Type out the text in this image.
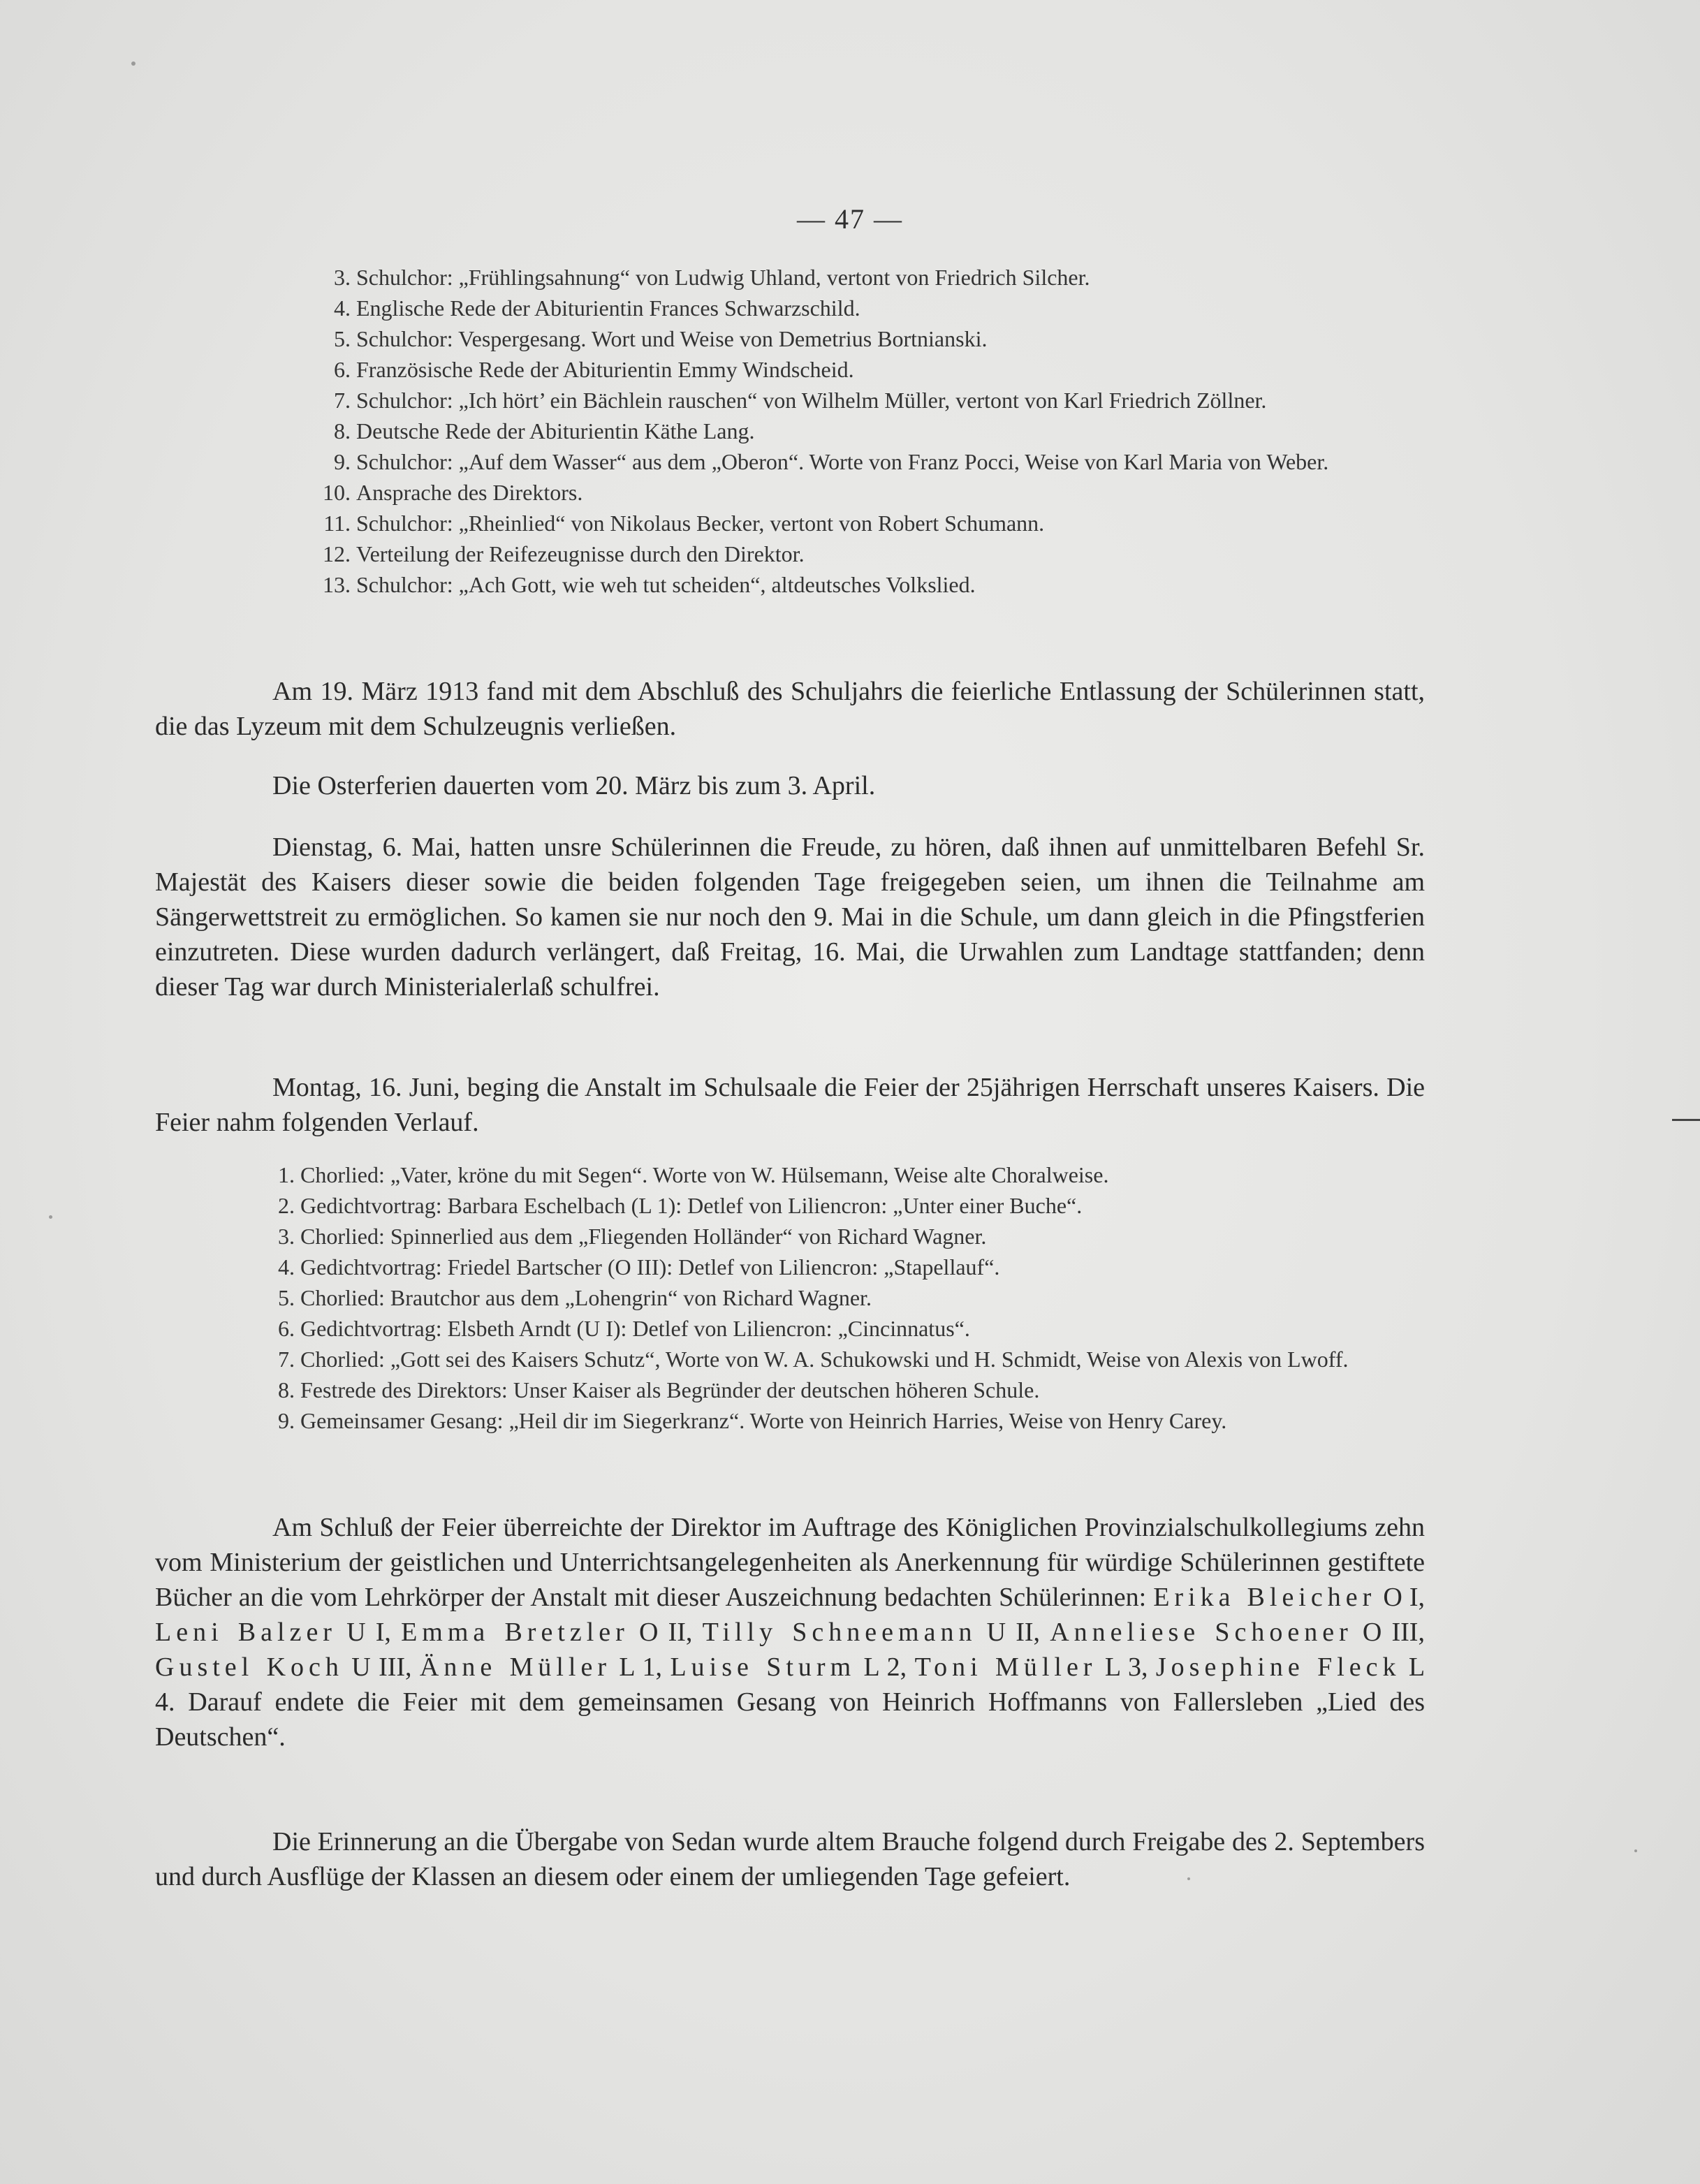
— 47 —
3. Schulchor: „Frühlingsahnung“ von Ludwig Uhland, vertont von Friedrich Silcher.
4. Englische Rede der Abiturientin Frances Schwarzschild.
5. Schulchor: Vespergesang. Wort und Weise von Demetrius Bortnianski.
6. Französische Rede der Abiturientin Emmy Windscheid.
7. Schulchor: „Ich hört’ ein Bächlein rauschen“ von Wilhelm Müller, vertont von Karl Friedrich Zöllner.
8. Deutsche Rede der Abiturientin Käthe Lang.
9. Schulchor: „Auf dem Wasser“ aus dem „Oberon“. Worte von Franz Pocci, Weise von Karl Maria von Weber.
10. Ansprache des Direktors.
11. Schulchor: „Rheinlied“ von Nikolaus Becker, vertont von Robert Schumann.
12. Verteilung der Reifezeugnisse durch den Direktor.
13. Schulchor: „Ach Gott, wie weh tut scheiden“, altdeutsches Volkslied.

Am 19. März 1913 fand mit dem Abschluß des Schuljahrs die feierliche Entlassung der Schülerinnen statt, die das Lyzeum mit dem Schulzeugnis verließen.

Die Osterferien dauerten vom 20. März bis zum 3. April.

Dienstag, 6. Mai, hatten unsre Schülerinnen die Freude, zu hören, daß ihnen auf unmittelbaren Befehl Sr. Majestät des Kaisers dieser sowie die beiden folgenden Tage freigegeben seien, um ihnen die Teilnahme am Sängerwettstreit zu ermöglichen. So kamen sie nur noch den 9. Mai in die Schule, um dann gleich in die Pfingstferien einzutreten. Diese wurden dadurch verlängert, daß Freitag, 16. Mai, die Urwahlen zum Landtage stattfanden; denn dieser Tag war durch Ministerialerlaß schulfrei.

Montag, 16. Juni, beging die Anstalt im Schulsaale die Feier der 25jährigen Herrschaft unseres Kaisers. Die Feier nahm folgenden Verlauf.

1. Chorlied: „Vater, kröne du mit Segen“. Worte von W. Hülsemann, Weise alte Choralweise.
2. Gedichtvortrag: Barbara Eschelbach (L 1): Detlef von Liliencron: „Unter einer Buche“.
3. Chorlied: Spinnerlied aus dem „Fliegenden Holländer“ von Richard Wagner.
4. Gedichtvortrag: Friedel Bartscher (O III): Detlef von Liliencron: „Stapellauf“.
5. Chorlied: Brautchor aus dem „Lohengrin“ von Richard Wagner.
6. Gedichtvortrag: Elsbeth Arndt (U I): Detlef von Liliencron: „Cincinnatus“.
7. Chorlied: „Gott sei des Kaisers Schutz“, Worte von W. A. Schukowski und H. Schmidt, Weise von Alexis von Lwoff.
8. Festrede des Direktors: Unser Kaiser als Begründer der deutschen höheren Schule.
9. Gemeinsamer Gesang: „Heil dir im Siegerkranz“. Worte von Heinrich Harries, Weise von Henry Carey.

Am Schluß der Feier überreichte der Direktor im Auftrage des Königlichen Provinzialschulkollegiums zehn vom Ministerium der geistlichen und Unterrichtsangelegenheiten als Anerkennung für würdige Schülerinnen gestiftete Bücher an die vom Lehrkörper der Anstalt mit dieser Auszeichnung bedachten Schülerinnen: Erika Bleicher O I, Leni Balzer U I, Emma Bretzler O II, Tilly Schneemann U II, Anneliese Schoener O III, Gustel Koch U III, Änne Müller L 1, Luise Sturm L 2, Toni Müller L 3, Josephine Fleck L 4. Darauf endete die Feier mit dem gemeinsamen Gesang von Heinrich Hoffmanns von Fallersleben „Lied des Deutschen“.

Die Erinnerung an die Übergabe von Sedan wurde altem Brauche folgend durch Freigabe des 2. Septembers und durch Ausflüge der Klassen an diesem oder einem der umliegenden Tage gefeiert.
